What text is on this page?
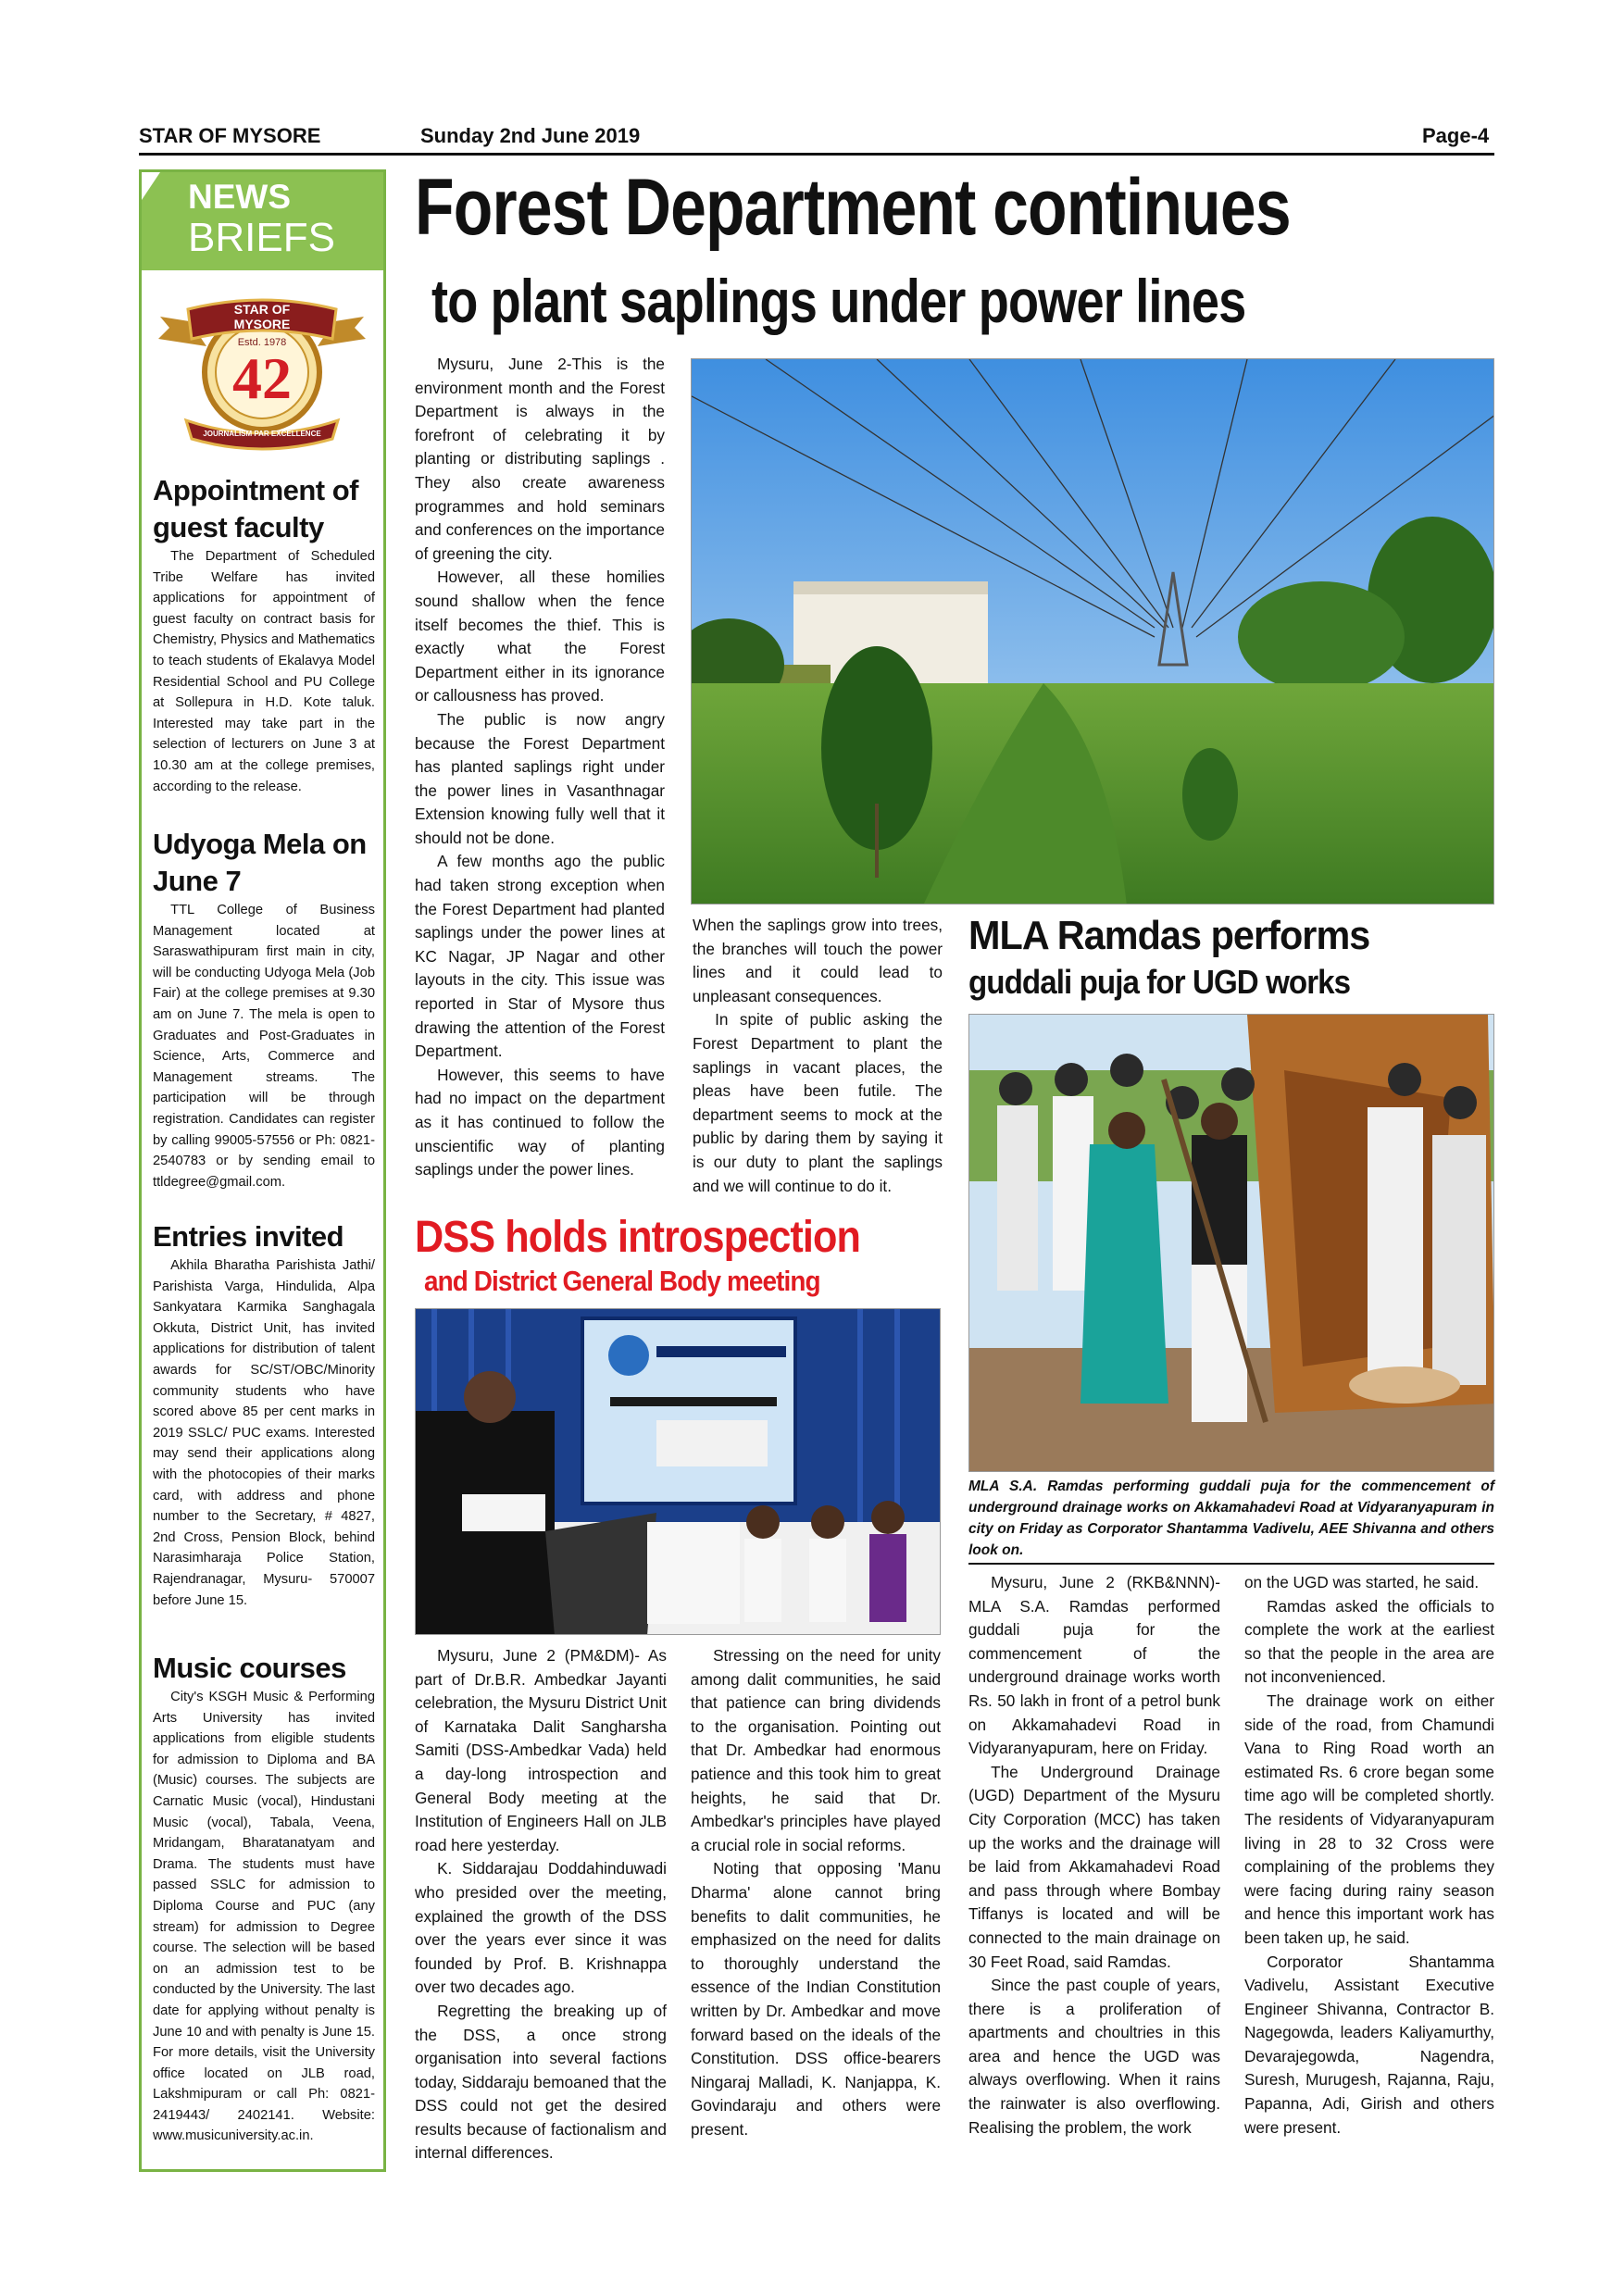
STAR OF MYSORE	Sunday 2nd June 2019	Page-4
NEWS
BRIEFS
STAR OF MYSORE
Estd. 1978
42
JOURNALISM PAR EXCELLENCE
Appointment of guest faculty

The Department of Scheduled Tribe Welfare has invited applications for appointment of guest faculty on contract basis for Chemistry, Physics and Mathematics to teach students of Ekalavya Model Residential School and PU College at Sollepura in H.D. Kote taluk. Interested may take part in the selection of lecturers on June 3 at 10.30 am at the college premises, according to the release.

Udyoga Mela on June 7

TTL College of Business Management located at Saraswathipuram first main in city, will be conducting Udyoga Mela (Job Fair) at the college premises at 9.30 am on June 7. The mela is open to Graduates and Post-Graduates in Science, Arts, Commerce and Management streams. The participation will be through registration. Candidates can register by calling 99005-57556 or Ph: 0821-2540783 or by sending email to ttldegree@gmail.com.

Entries invited

Akhila Bharatha Parishista Jathi/ Parishista Varga, Hindulida, Alpa Sankyatara Karmika Sanghagala Okkuta, District Unit, has invited applications for distribution of talent awards for SC/ST/OBC/Minority community students who have scored above 85 per cent marks in 2019 SSLC/ PUC exams. Interested may send their applications along with the photocopies of their marks card, with address and phone number to the Secretary, # 4827, 2nd Cross, Pension Block, behind Narasimharaja Police Station, Rajendranagar, Mysuru- 570007 before June 15.

Music courses

City's KSGH Music & Performing Arts University has invited applications from eligible students for admission to Diploma and BA (Music) courses. The subjects are Carnatic Music (vocal), Hindustani Music (vocal), Tabala, Veena, Mridangam, Bharatanatyam and Drama. The students must have passed SSLC for admission to Diploma Course and PUC (any stream) for admission to Degree course. The selection will be based on an admission test to be conducted by the University. The last date for applying without penalty is June 10 and with penalty is June 15. For more details, visit the University office located on JLB road, Lakshmipuram or call Ph: 0821-2419443/ 2402141. Website: www.musicuniversity.ac.in.

Forest Department continues
to plant saplings under power lines

Mysuru, June 2-This is the environment month and the Forest Department is always in the forefront of celebrating it by planting or distributing saplings . They also create awareness programmes and hold seminars and conferences on the importance of greening the city.

However, all these homilies sound shallow when the fence itself becomes the thief. This is exactly what the Forest Department either in its ignorance or callousness has proved.

The public is now angry because the Forest Department has planted saplings right under the power lines in Vasanthnagar Extension knowing fully well that it should not be done.

A few months ago the public had taken strong exception when the Forest Department had planted saplings under the power lines at KC Nagar, JP Nagar and other layouts in the city. This issue was reported in Star of Mysore thus drawing the attention of the Forest Department.

However, this seems to have had no impact on the department as it has continued to follow the unscientific way of planting saplings under the power lines.

When the saplings grow into trees, the branches will touch the power lines and it could lead to unpleasant consequences.

In spite of public asking the Forest Department to plant the saplings in vacant places, the pleas have been futile. The department seems to mock at the public by daring them by saying it is our duty to plant the saplings and we will continue to do it.

MLA Ramdas performs
guddali puja for UGD works

MLA S.A. Ramdas performing guddali puja for the commencement of underground drainage works on Akkamahadevi Road at Vidyaranyapuram in city on Friday as Corporator Shantamma Vadivelu, AEE Shivanna and others look on.

Mysuru, June 2 (RKB&NNN)-MLA S.A. Ramdas performed guddali puja for the commencement of the underground drainage works worth Rs. 50 lakh in front of a petrol bunk on Akkamahadevi Road in Vidyaranyapuram, here on Friday.

The Underground Drainage (UGD) Department of the Mysuru City Corporation (MCC) has taken up the works and the drainage will be laid from Akkamahadevi Road and pass through where Bombay Tiffanys is located and will be connected to the main drainage on 30 Feet Road, said Ramdas.

Since the past couple of years, there is a proliferation of apartments and choultries in this area and hence the UGD was always overflowing. When it rains the rainwater is also overflowing. Realising the problem, the work

on the UGD was started, he said.

Ramdas asked the officials to complete the work at the earliest so that the people in the area are not inconvenienced.

The drainage work on either side of the road, from Chamundi Vana to Ring Road worth an estimated Rs. 6 crore began some time ago will be completed shortly. The residents of Vidyaranyapuram living in 28 to 32 Cross were complaining of the problems they were facing during rainy season and hence this important work has been taken up, he said.

Corporator Shantamma Vadivelu, Assistant Executive Engineer Shivanna, Contractor B. Nagegowda, leaders Kaliyamurthy, Devarajegowda, Nagendra, Suresh, Murugesh, Rajanna, Raju, Papanna, Adi, Girish and others were present.

DSS holds introspection
and District General Body meeting

Mysuru, June 2 (PM&DM)- As part of Dr.B.R. Ambedkar Jayanti celebration, the Mysuru District Unit of Karnataka Dalit Sangharsha Samiti (DSS-Ambedkar Vada) held a day-long introspection and General Body meeting at the Institution of Engineers Hall on JLB road here yesterday.

K. Siddarajau Doddahinduwadi who presided over the meeting, explained the growth of the DSS over the years ever since it was founded by Prof. B. Krishnappa over two decades ago.

Regretting the breaking up of the DSS, a once strong organisation into several factions today, Siddaraju bemoaned that the DSS could not get the desired results because of factionalism and internal differences.

Stressing on the need for unity among dalit communities, he said that patience can bring dividends to the organisation. Pointing out that Dr. Ambedkar had enormous patience and this took him to great heights, he said that Dr. Ambedkar's principles have played a crucial role in social reforms.

Noting that opposing 'Manu Dharma' alone cannot bring benefits to dalit communities, he emphasized on the need for dalits to thoroughly understand the essence of the Indian Constitution written by Dr. Ambedkar and move forward based on the ideals of the Constitution. DSS office-bearers Ningaraj Malladi, K. Nanjappa, K. Govindaraju and others were present.
